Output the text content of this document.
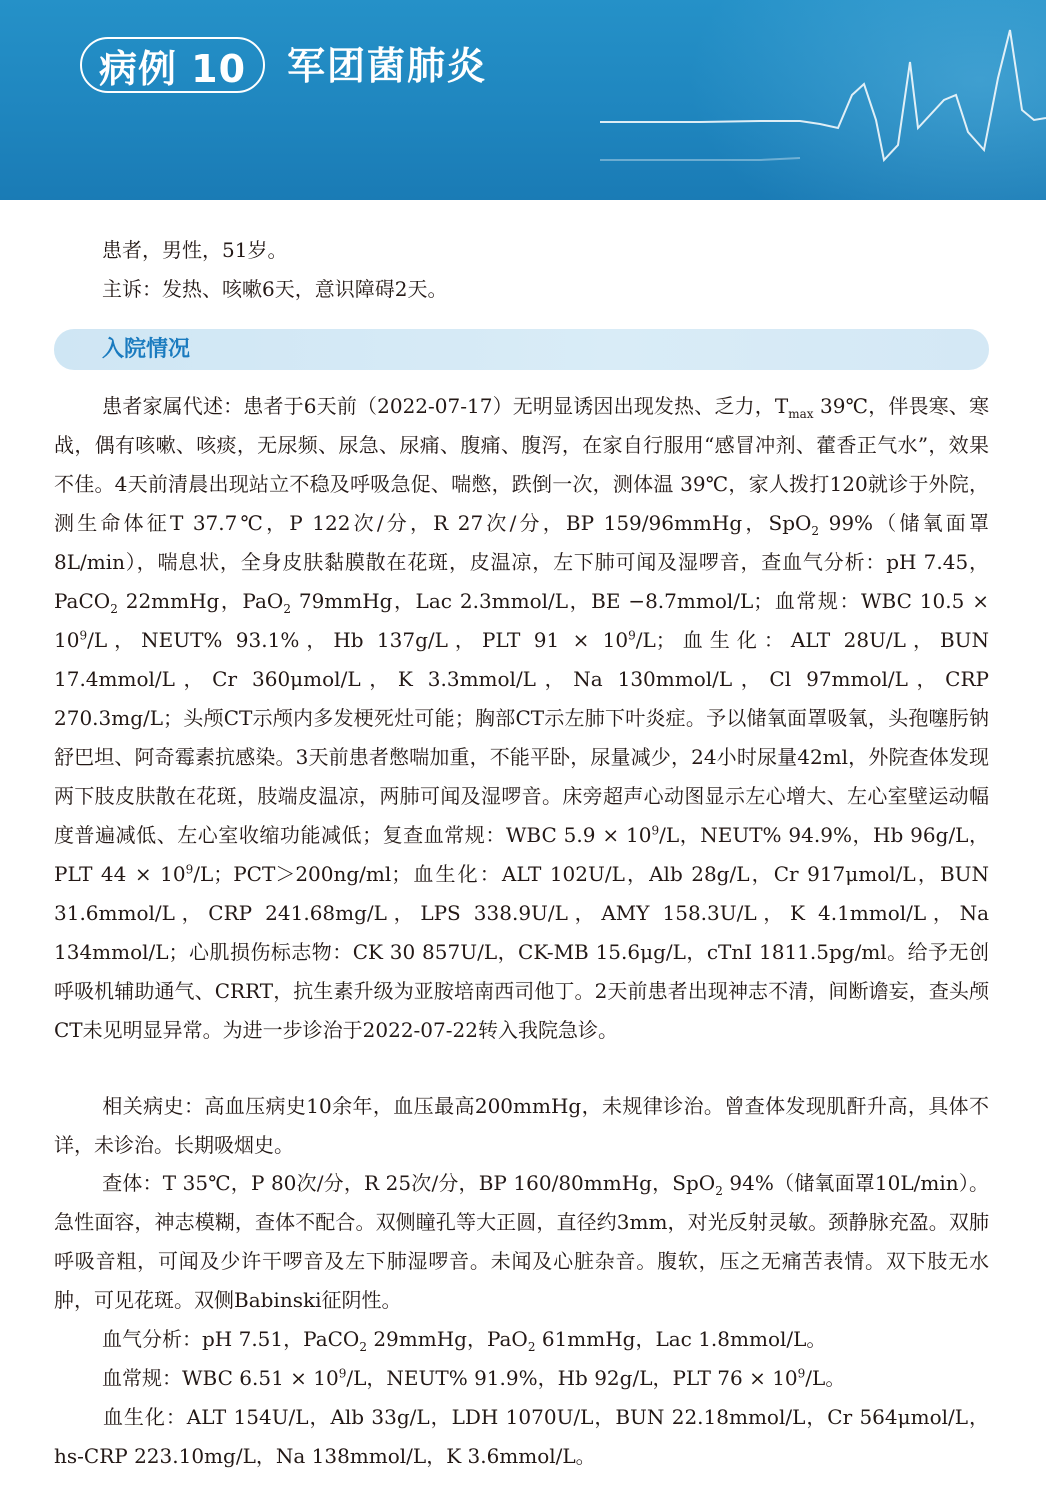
病例 10	军团菌肺炎
患者，男性，51岁。
主诉：发热、咳嗽6天，意识障碍2天。
入院情况
患者家属代述：患者于6天前（2022-07-17）无明显诱因出现发热、乏力，$T_{max}$ 39℃，伴畏寒、寒战，偶有咳嗽、咳痰，无尿频、尿急、尿痛、腹痛、腹泻，在家自行服用“感冒冲剂、藿香正气水”，效果不佳。4天前清晨出现站立不稳及呼吸急促、喘憋，跌倒一次，测体温 39℃，家人拨打120就诊于外院，测生命体征T 37.7℃，P 122次/分，R 27次/分，BP 159/96mmHg，SpO$_2$ 99%（储氧面罩8L/min），喘息状，全身皮肤黏膜散在花斑，皮温凉，左下肺可闻及湿啰音，查血气分析：pH 7.45，PaCO$_2$ 22mmHg，PaO$_2$ 79mmHg，Lac 2.3mmol/L，BE −8.7mmol/L；血常规：WBC $10.5 \times 10^9/L$，NEUT% 93.1%，Hb 137g/L，PLT $91 \times 10^9/L$；血生化：ALT 28U/L，BUN 17.4mmol/L，Cr 360μmol/L，K 3.3mmol/L，Na 130mmol/L，Cl 97mmol/L，CRP 270.3mg/L；头颅CT示颅内多发梗死灶可能；胸部CT示左肺下叶炎症。予以储氧面罩吸氧，头孢噻肟钠舒巴坦、阿奇霉素抗感染。3天前患者憋喘加重，不能平卧，尿量减少，24小时尿量42ml，外院查体发现两下肢皮肤散在花斑，肢端皮温凉，两肺可闻及湿啰音。床旁超声心动图显示左心增大、左心室壁运动幅度普遍减低、左心室收缩功能减低；复查血常规：WBC $5.9 \times 10^9/L$，NEUT% 94.9%，Hb 96g/L，PLT $44 \times 10^9/L$；PCT＞200ng/ml；血生化：ALT 102U/L，Alb 28g/L，Cr 917μmol/L，BUN 31.6mmol/L，CRP 241.68mg/L，LPS 338.9U/L，AMY 158.3U/L，K 4.1mmol/L，Na 134mmol/L；心肌损伤标志物：CK 30 857U/L，CK-MB 15.6μg/L，cTnI 1811.5pg/ml。给予无创呼吸机辅助通气、CRRT，抗生素升级为亚胺培南西司他丁。2天前患者出现神志不清，间断谵妄，查头颅CT未见明显异常。为进一步诊治于2022-07-22转入我院急诊。
相关病史：高血压病史10余年，血压最高200mmHg，未规律诊治。曾查体发现肌酐升高，具体不详，未诊治。长期吸烟史。
查体：T 35℃，P 80次/分，R 25次/分，BP 160/80mmHg，SpO$_2$ 94%（储氧面罩10L/min）。急性面容，神志模糊，查体不配合。双侧瞳孔等大正圆，直径约3mm，对光反射灵敏。颈静脉充盈。双肺呼吸音粗，可闻及少许干啰音及左下肺湿啰音。未闻及心脏杂音。腹软，压之无痛苦表情。双下肢无水肿，可见花斑。双侧Babinski征阴性。
血气分析：pH 7.51，PaCO$_2$ 29mmHg，PaO$_2$ 61mmHg，Lac 1.8mmol/L。
血常规：WBC $6.51 \times 10^9/L$，NEUT% 91.9%，Hb 92g/L，PLT $76 \times 10^9/L$。
血生化：ALT 154U/L，Alb 33g/L，LDH 1070U/L，BUN 22.18mmol/L，Cr 564μmol/L，hs-CRP 223.10mg/L，Na 138mmol/L，K 3.6mmol/L。
